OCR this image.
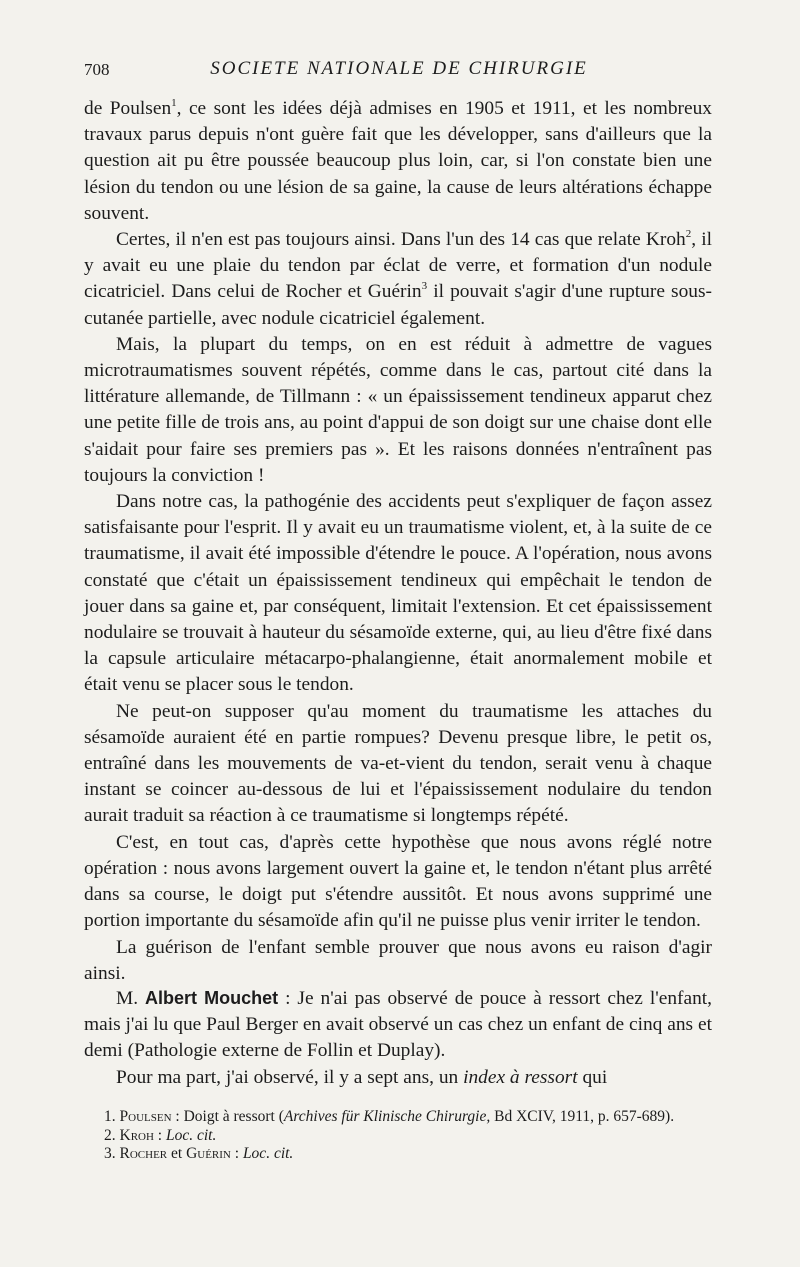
708	SOCIETE NATIONALE DE CHIRURGIE

de Poulsen$^1$, ce sont les idées déjà admises en 1905 et 1911, et les nombreux travaux parus depuis n'ont guère fait que les développer, sans d'ailleurs que la question ait pu être poussée beaucoup plus loin, car, si l'on constate bien une lésion du tendon ou une lésion de sa gaine, la cause de leurs altérations échappe souvent.

Certes, il n'en est pas toujours ainsi. Dans l'un des 14 cas que relate Kroh$^2$, il y avait eu une plaie du tendon par éclat de verre, et formation d'un nodule cicatriciel. Dans celui de Rocher et Guérin$^3$ il pouvait s'agir d'une rupture sous-cutanée partielle, avec nodule cicatriciel également.

Mais, la plupart du temps, on en est réduit à admettre de vagues microtraumatismes souvent répétés, comme dans le cas, partout cité dans la littérature allemande, de Tillmann : « un épaississement tendineux apparut chez une petite fille de trois ans, au point d'appui de son doigt sur une chaise dont elle s'aidait pour faire ses premiers pas ». Et les raisons données n'entraînent pas toujours la conviction !

Dans notre cas, la pathogénie des accidents peut s'expliquer de façon assez satisfaisante pour l'esprit. Il y avait eu un traumatisme violent, et, à la suite de ce traumatisme, il avait été impossible d'étendre le pouce. A l'opération, nous avons constaté que c'était un épaississement tendineux qui empêchait le tendon de jouer dans sa gaine et, par conséquent, limitait l'extension. Et cet épaississement nodulaire se trouvait à hauteur du sésamoïde externe, qui, au lieu d'être fixé dans la capsule articulaire métacarpo-phalangienne, était anormalement mobile et était venu se placer sous le tendon.

Ne peut-on supposer qu'au moment du traumatisme les attaches du sésamoïde auraient été en partie rompues? Devenu presque libre, le petit os, entraîné dans les mouvements de va-et-vient du tendon, serait venu à chaque instant se coincer au-dessous de lui et l'épaississement nodulaire du tendon aurait traduit sa réaction à ce traumatisme si longtemps répété.

C'est, en tout cas, d'après cette hypothèse que nous avons réglé notre opération : nous avons largement ouvert la gaine et, le tendon n'étant plus arrêté dans sa course, le doigt put s'étendre aussitôt. Et nous avons supprimé une portion importante du sésamoïde afin qu'il ne puisse plus venir irriter le tendon.

La guérison de l'enfant semble prouver que nous avons eu raison d'agir ainsi.

M. Albert Mouchet : Je n'ai pas observé de pouce à ressort chez l'enfant, mais j'ai lu que Paul Berger en avait observé un cas chez un enfant de cinq ans et demi (Pathologie externe de Follin et Duplay).

Pour ma part, j'ai observé, il y a sept ans, un index à ressort qui

1. Poulsen : Doigt à ressort (Archives für Klinische Chirurgie, Bd XCIV, 1911, p. 657-689).

2. Kroh : Loc. cit.

3. Rocher et Guérin : Loc. cit.
